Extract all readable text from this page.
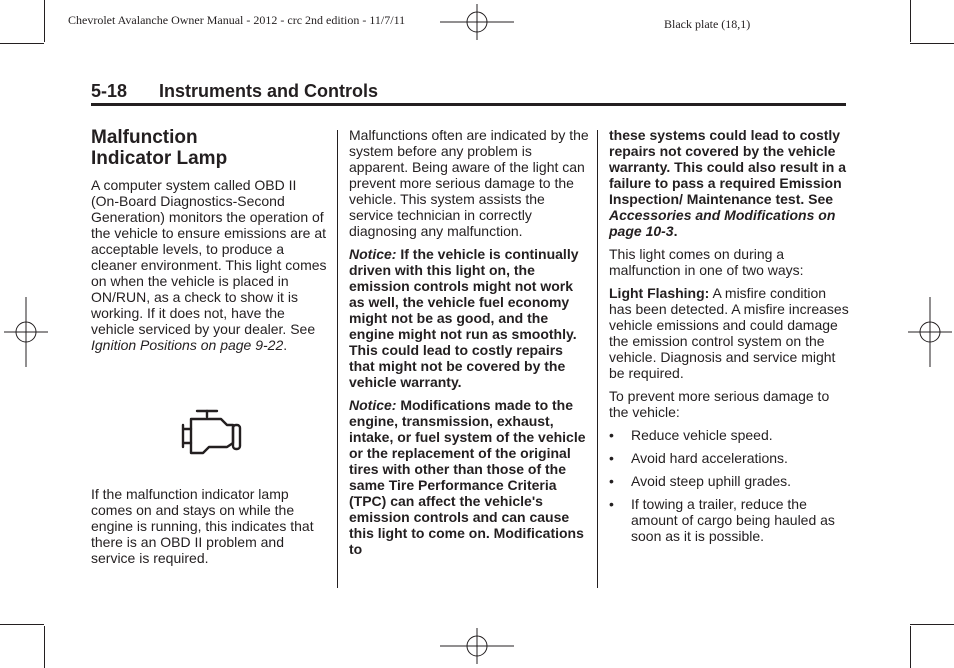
Chevrolet Avalanche Owner Manual - 2012 - crc 2nd edition - 11/7/11	Black plate (18,1)
5-18	Instruments and Controls
Malfunction
Indicator Lamp

A computer system called OBD II (On-Board Diagnostics-Second Generation) monitors the operation of the vehicle to ensure emissions are at acceptable levels, to produce a cleaner environment. This light comes on when the vehicle is placed in ON/RUN, as a check to show it is working. If it does not, have the vehicle serviced by your dealer. See Ignition Positions on page 9-22.

If the malfunction indicator lamp comes on and stays on while the engine is running, this indicates that there is an OBD II problem and service is required.

Malfunctions often are indicated by the system before any problem is apparent. Being aware of the light can prevent more serious damage to the vehicle. This system assists the service technician in correctly diagnosing any malfunction.

Notice: If the vehicle is continually driven with this light on, the emission controls might not work as well, the vehicle fuel economy might not be as good, and the engine might not run as smoothly. This could lead to costly repairs that might not be covered by the vehicle warranty.

Notice: Modifications made to the engine, transmission, exhaust, intake, or fuel system of the vehicle or the replacement of the original tires with other than those of the same Tire Performance Criteria (TPC) can affect the vehicle's emission controls and can cause this light to come on. Modifications to

these systems could lead to costly repairs not covered by the vehicle warranty. This could also result in a failure to pass a required Emission Inspection/ Maintenance test. See Accessories and Modifications on page 10-3.

This light comes on during a malfunction in one of two ways:

Light Flashing: A misfire condition has been detected. A misfire increases vehicle emissions and could damage the emission control system on the vehicle. Diagnosis and service might be required.

To prevent more serious damage to the vehicle:

• Reduce vehicle speed.
• Avoid hard accelerations.
• Avoid steep uphill grades.
• If towing a trailer, reduce the amount of cargo being hauled as soon as it is possible.
